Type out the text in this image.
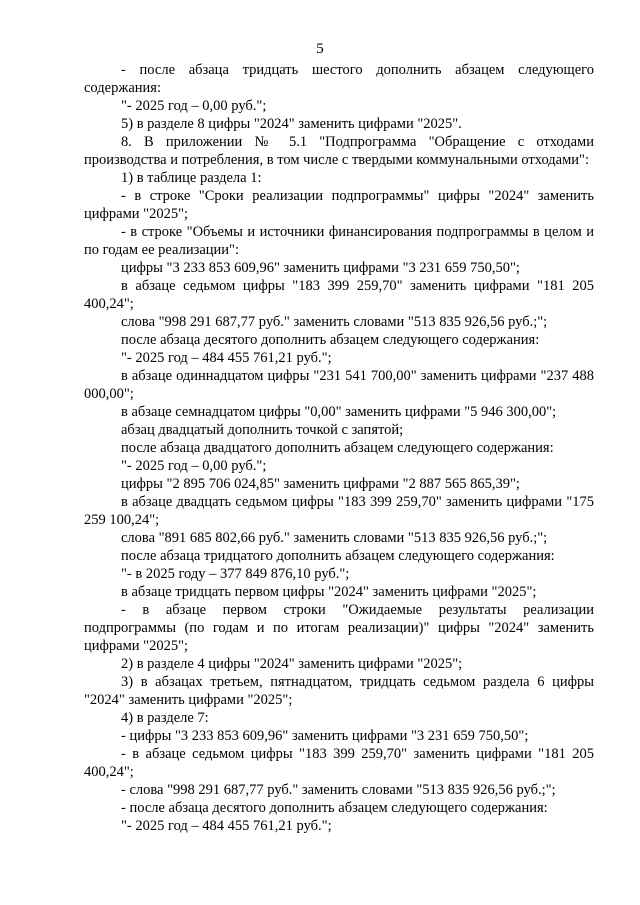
5

- после абзаца тридцать шестого дополнить абзацем следующего содержания:

"- 2025 год – 0,00 руб.";

5) в разделе 8 цифры "2024" заменить цифрами "2025".

8. В приложении № 5.1 "Подпрограмма "Обращение с отходами производства и потребления, в том числе с твердыми коммунальными отходами":

1) в таблице раздела 1:

- в строке "Сроки реализации подпрограммы" цифры "2024" заменить цифрами "2025";

- в строке "Объемы и источники финансирования подпрограммы в целом и по годам ее реализации":

цифры "3 233 853 609,96" заменить цифрами "3 231 659 750,50";

в абзаце седьмом цифры "183 399 259,70" заменить цифрами "181 205 400,24";

слова "998 291 687,77 руб." заменить словами "513 835 926,56 руб.;";

после абзаца десятого дополнить абзацем следующего содержания:

"- 2025 год – 484 455 761,21 руб.";

в абзаце одиннадцатом цифры "231 541 700,00" заменить цифрами "237 488 000,00";

в абзаце семнадцатом цифры "0,00" заменить цифрами "5 946 300,00";

абзац двадцатый дополнить точкой с запятой;

после абзаца двадцатого дополнить абзацем следующего содержания:

"- 2025 год – 0,00 руб.";

цифры "2 895 706 024,85" заменить цифрами "2 887 565 865,39";

в абзаце двадцать седьмом цифры "183 399 259,70" заменить цифрами "175 259 100,24";

слова "891 685 802,66 руб." заменить словами "513 835 926,56 руб.;";

после абзаца тридцатого дополнить абзацем следующего содержания:

"- в 2025 году – 377 849 876,10 руб.";

в абзаце тридцать первом цифры "2024" заменить цифрами "2025";

- в абзаце первом строки "Ожидаемые результаты реализации подпрограммы (по годам и по итогам реализации)" цифры "2024" заменить цифрами "2025";

2) в разделе 4 цифры "2024" заменить цифрами "2025";

3) в абзацах третьем, пятнадцатом, тридцать седьмом раздела 6 цифры "2024" заменить цифрами "2025";

4) в разделе 7:

- цифры "3 233 853 609,96" заменить цифрами "3 231 659 750,50";

- в абзаце седьмом цифры "183 399 259,70" заменить цифрами "181 205 400,24";

- слова "998 291 687,77 руб." заменить словами "513 835 926,56 руб.;";

- после абзаца десятого дополнить абзацем следующего содержания:

"- 2025 год – 484 455 761,21 руб.";
